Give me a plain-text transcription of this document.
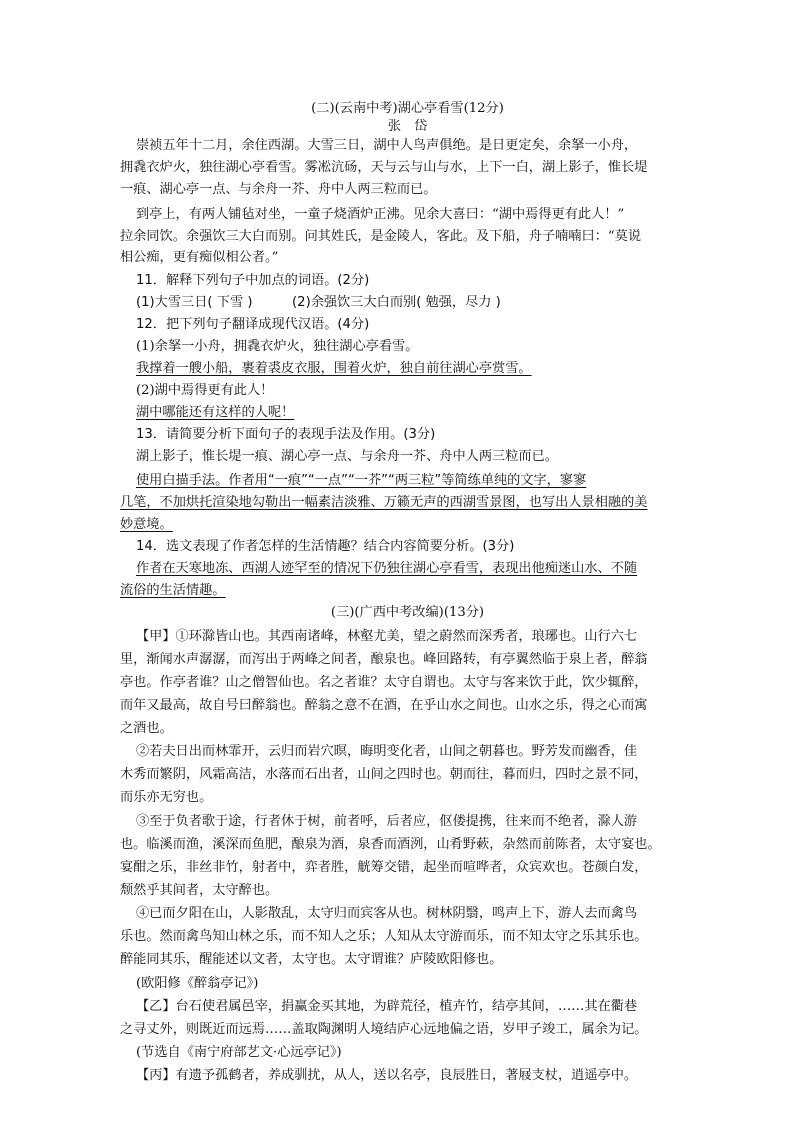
(二)(云南中考)湖心亭看雪(12分)
张　岱
崇祯五年十二月，余住西湖。大雪三日，湖中人鸟声俱绝。是日更定矣，余拏一小舟，
拥毳衣炉火，独往湖心亭看雪。雾凇沆砀，天与云与山与水，上下一白，湖上影子，惟长堤
一痕、湖心亭一点、与余舟一芥、舟中人两三粒而已。
到亭上，有两人铺毡对坐，一童子烧酒炉正沸。见余大喜曰：“湖中焉得更有此人！”
拉余同饮。余强饮三大白而别。问其姓氏，是金陵人，客此。及下船，舟子喃喃曰：“莫说
相公痴，更有痴似相公者。”
11．解释下列句子中加点的词语。(2分)
(1)大雪三日( 下雪 )　　　(2)余强饮三大白而别( 勉强，尽力 )
12．把下列句子翻译成现代汉语。(4分)
(1)余拏一小舟，拥毳衣炉火，独往湖心亭看雪。
我撑着一艘小船，裹着裘皮衣服，围着火炉，独自前往湖心亭赏雪。
(2)湖中焉得更有此人！
湖中哪能还有这样的人呢！
13．请简要分析下面句子的表现手法及作用。(3分)
湖上影子，惟长堤一痕、湖心亭一点、与余舟一芥、舟中人两三粒而已。
使用白描手法。作者用“一痕”“一点”“一芥”“两三粒”等简练单纯的文字，寥寥
几笔，不加烘托渲染地勾勒出一幅素洁淡雅、万籁无声的西湖雪景图，也写出人景相融的美
妙意境。
14．选文表现了作者怎样的生活情趣？结合内容简要分析。(3分)
作者在天寒地冻、西湖人迹罕至的情况下仍独往湖心亭看雪，表现出他痴迷山水、不随
流俗的生活情趣。
(三)(广西中考改编)(13分)
【甲】①环滁皆山也。其西南诸峰，林壑尤美，望之蔚然而深秀者，琅琊也。山行六七
里，渐闻水声潺潺，而泻出于两峰之间者，酿泉也。峰回路转，有亭翼然临于泉上者，醉翁
亭也。作亭者谁？山之僧智仙也。名之者谁？太守自谓也。太守与客来饮于此，饮少辄醉，
而年又最高，故自号曰醉翁也。醉翁之意不在酒，在乎山水之间也。山水之乐，得之心而寓
之酒也。
②若夫日出而林霏开，云归而岩穴暝，晦明变化者，山间之朝暮也。野芳发而幽香，佳
木秀而繁阴，风霜高洁，水落而石出者，山间之四时也。朝而往，暮而归，四时之景不同，
而乐亦无穷也。
③至于负者歌于途，行者休于树，前者呼，后者应，伛偻提携，往来而不绝者，滁人游
也。临溪而渔，溪深而鱼肥，酿泉为酒，泉香而酒洌，山肴野蔌，杂然而前陈者，太守宴也。
宴酣之乐，非丝非竹，射者中，弈者胜，觥筹交错，起坐而喧哗者，众宾欢也。苍颜白发，
颓然乎其间者，太守醉也。
④已而夕阳在山，人影散乱，太守归而宾客从也。树林阴翳，鸣声上下，游人去而禽鸟
乐也。然而禽鸟知山林之乐，而不知人之乐；人知从太守游而乐，而不知太守之乐其乐也。
醉能同其乐，醒能述以文者，太守也。太守谓谁？庐陵欧阳修也。
(欧阳修《醉翁亭记》)
【乙】台石使君属邑宰，捐赢金买其地，为辟荒径，植卉竹，结亭其间，……其在衢巷
之寻丈外，则既近而远焉……盖取陶渊明人境结庐心远地偏之语，岁甲子竣工，属余为记。
(节选自《南宁府部艺文·心远亭记》)
【丙】有遗予孤鹤者，养成驯扰，从人，送以名亭，良辰胜日，著屐支杖，逍遥亭中。
